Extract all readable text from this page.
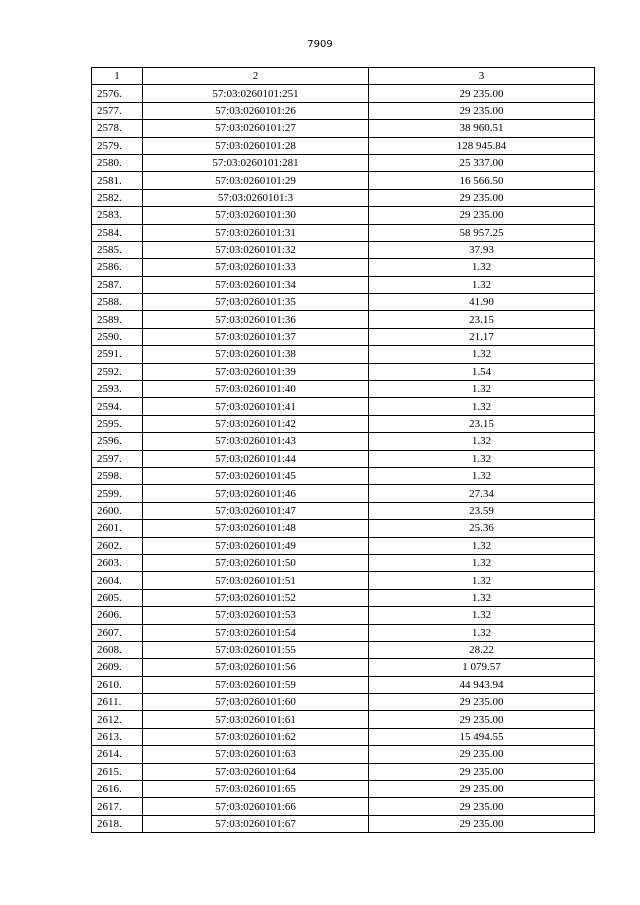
7909
1	2	3
2576.	57:03:0260101:251	29 235.00
2577.	57:03:0260101:26	29 235.00
2578.	57:03:0260101:27	38 960.51
2579.	57:03:0260101:28	128 945.84
2580.	57:03:0260101:281	25 337.00
2581.	57:03:0260101:29	16 566.50
2582.	57:03:0260101:3	29 235.00
2583.	57:03:0260101:30	29 235.00
2584.	57:03:0260101:31	58 957.25
2585.	57:03:0260101:32	37.93
2586.	57:03:0260101:33	1.32
2587.	57:03:0260101:34	1.32
2588.	57:03:0260101:35	41.90
2589.	57:03:0260101:36	23.15
2590.	57:03:0260101:37	21.17
2591.	57:03:0260101:38	1.32
2592.	57:03:0260101:39	1.54
2593.	57:03:0260101:40	1.32
2594.	57:03:0260101:41	1.32
2595.	57:03:0260101:42	23.15
2596.	57:03:0260101:43	1.32
2597.	57:03:0260101:44	1.32
2598.	57:03:0260101:45	1.32
2599.	57:03:0260101:46	27.34
2600.	57:03:0260101:47	23.59
2601.	57:03:0260101:48	25.36
2602.	57:03:0260101:49	1.32
2603.	57:03:0260101:50	1.32
2604.	57:03:0260101:51	1.32
2605.	57:03:0260101:52	1.32
2606.	57:03:0260101:53	1.32
2607.	57:03:0260101:54	1.32
2608.	57:03:0260101:55	28.22
2609.	57:03:0260101:56	1 079.57
2610.	57:03:0260101:59	44 943.94
2611.	57:03:0260101:60	29 235.00
2612.	57:03:0260101:61	29 235.00
2613.	57:03:0260101:62	15 494.55
2614.	57:03:0260101:63	29 235.00
2615.	57:03:0260101:64	29 235.00
2616.	57:03:0260101:65	29 235.00
2617.	57:03:0260101:66	29 235.00
2618.	57:03:0260101:67	29 235.00
